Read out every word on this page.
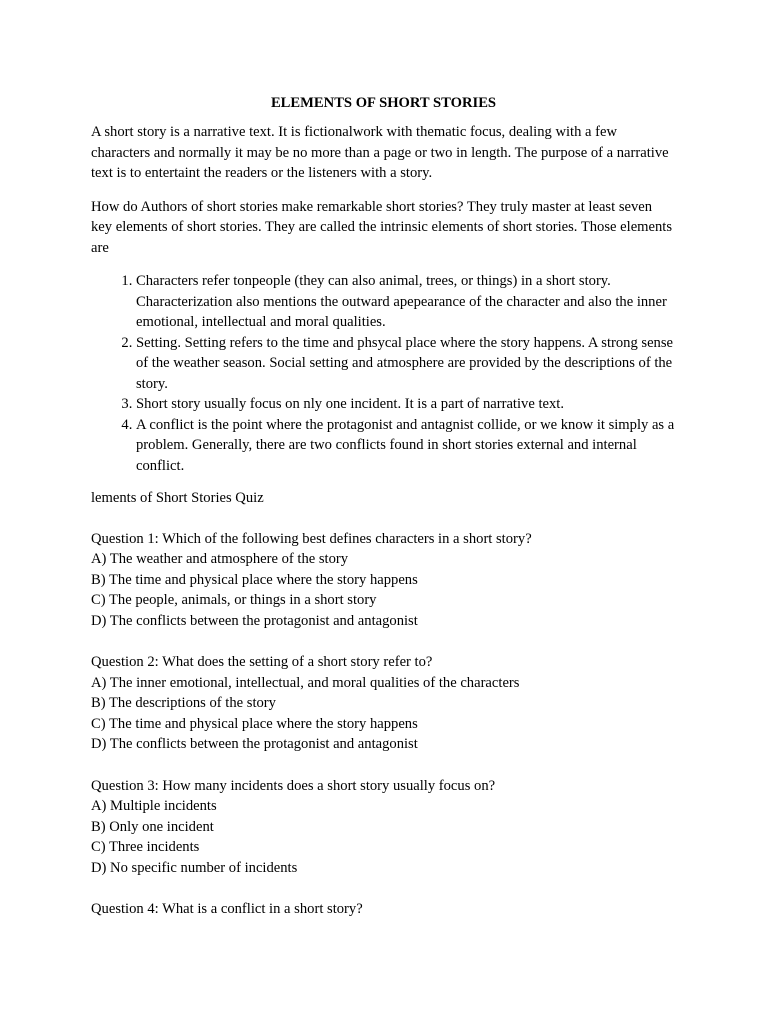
ELEMENTS OF SHORT STORIES

A short story is a narrative text. It is fictionalwork with thematic focus, dealing with a few characters and normally it may be no more than a page or two in length. The purpose of a narrative text is to entertaint the readers or the listeners with a story.

How do Authors of short stories make remarkable short stories? They truly master at least seven key elements of short stories. They are called the intrinsic elements of short stories. Those elements are

1. Characters refer tonpeople (they can also animal, trees, or things) in a short story. Characterization also mentions the outward apepearance of the character and also the inner emotional, intellectual and moral qualities.
2. Setting. Setting refers to the time and phsycal place where the story happens. A strong sense of the weather season. Social setting and atmosphere are provided by the descriptions of the story.
3. Short story usually focus on nly one incident. It is a part of narrative text.
4. A conflict is the point where the protagonist and antagnist collide, or we know it simply as a problem. Generally, there are two conflicts found in short stories external and internal conflict.
lements of Short Stories Quiz
Question 1: Which of the following best defines characters in a short story?
A) The weather and atmosphere of the story
B) The time and physical place where the story happens
C) The people, animals, or things in a short story
D) The conflicts between the protagonist and antagonist
Question 2: What does the setting of a short story refer to?
A) The inner emotional, intellectual, and moral qualities of the characters
B) The descriptions of the story
C) The time and physical place where the story happens
D) The conflicts between the protagonist and antagonist
Question 3: How many incidents does a short story usually focus on?
A) Multiple incidents
B) Only one incident
C) Three incidents
D) No specific number of incidents
Question 4: What is a conflict in a short story?
